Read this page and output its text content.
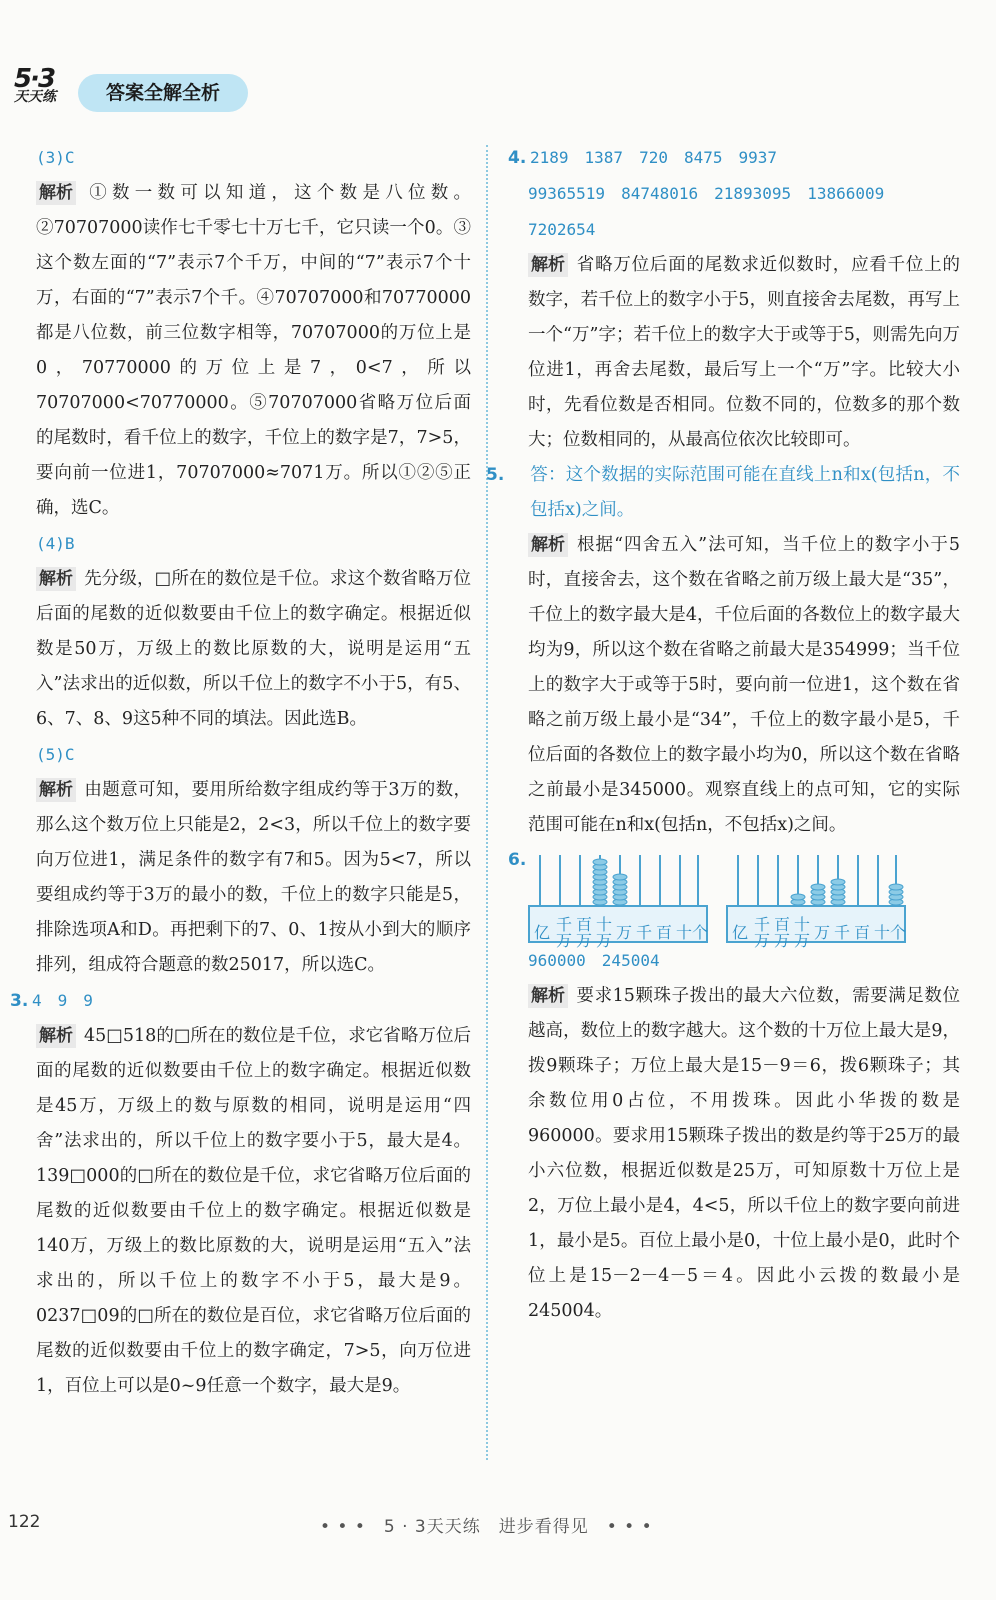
5·3
天天练	答案全解全析

(3)C

解析 ①数一数可以知道，这个数是八位数。②70707000读作七千零七十万七千，它只读一个0。③这个数左面的“7”表示7个千万，中间的“7”表示7个十万，右面的“7”表示7个千。④70707000和70770000都是八位数，前三位数字相等，70707000的万位上是0，70770000的万位上是7，0<7，所以70707000<70770000。⑤70707000省略万位后面的尾数时，看千位上的数字，千位上的数字是7，7>5，要向前一位进1，70707000≈7071万。所以①②⑤正确，选C。

(4)B

解析 先分级，□所在的数位是千位。求这个数省略万位后面的尾数的近似数要由千位上的数字确定。根据近似数是50万，万级上的数比原数的大，说明是运用“五入”法求出的近似数，所以千位上的数字不小于5，有5、6、7、8、9这5种不同的填法。因此选B。

(5)C

解析 由题意可知，要用所给数字组成约等于3万的数，那么这个数万位上只能是2，2<3，所以千位上的数字要向万位进1，满足条件的数字有7和5。因为5<7，所以要组成约等于3万的最小的数，千位上的数字只能是5，排除选项A和D。再把剩下的7、0、1按从小到大的顺序排列，组成符合题意的数25017，所以选C。

3. 4　9　9

解析 45□518的□所在的数位是千位，求它省略万位后面的尾数的近似数要由千位上的数字确定。根据近似数是45万，万级上的数与原数的相同，说明是运用“四舍”法求出的，所以千位上的数字要小于5，最大是4。139□000的□所在的数位是千位，求它省略万位后面的尾数的近似数要由千位上的数字确定。根据近似数是140万，万级上的数比原数的大，说明是运用“五入”法求出的，所以千位上的数字不小于5，最大是9。0237□09的□所在的数位是百位，求它省略万位后面的尾数的近似数要由千位上的数字确定，7>5，向万位进1，百位上可以是0~9任意一个数字，最大是9。

4. 2189　1387　720　8475　9937

99365519　84748016　21893095　13866009

7202654

解析 省略万位后面的尾数求近似数时，应看千位上的数字，若千位上的数字小于5，则直接舍去尾数，再写上一个“万”字；若千位上的数字大于或等于5，则需先向万位进1，再舍去尾数，最后写上一个“万”字。比较大小时，先看位数是否相同。位数不同的，位数多的那个数大；位数相同的，从最高位依次比较即可。

5. 答：这个数据的实际范围可能在直线上n和x(包括n，不包括x)之间。

解析 根据“四舍五入”法可知，当千位上的数字小于5时，直接舍去，这个数在省略之前万级上最大是“35”，千位上的数字最大是4，千位后面的各数位上的数字最大均为9，所以这个数在省略之前最大是354999；当千位上的数字大于或等于5时，要向前一位进1，这个数在省略之前万级上最小是“34”，千位上的数字最小是5，千位后面的各数位上的数字最小均为0，所以这个数在省略之前最小是345000。观察直线上的点可知，它的实际范围可能在n和x(包括n，不包括x)之间。

6.

千 百 十
亿 万 万 万 万 千 百 十 个	千 百 十
亿 万 万 万 万 千 百 十 个

960000　245004

解析 要求15颗珠子拨出的最大六位数，需要满足数位越高，数位上的数字越大。这个数的十万位上最大是9，拨9颗珠子；万位上最大是15－9＝6，拨6颗珠子；其余数位用0占位，不用拨珠。因此小华拨的数是960000。要求用15颗珠子拨出的数是约等于25万的最小六位数，根据近似数是25万，可知原数十万位上是2，万位上最小是4，4<5，所以千位上的数字要向前进1，最小是5。百位上最小是0，十位上最小是0，此时个位上是15－2－4－5＝4。因此小云拨的数最小是245004。

122	• • •　5 · 3天天练　进步看得见　• • •
